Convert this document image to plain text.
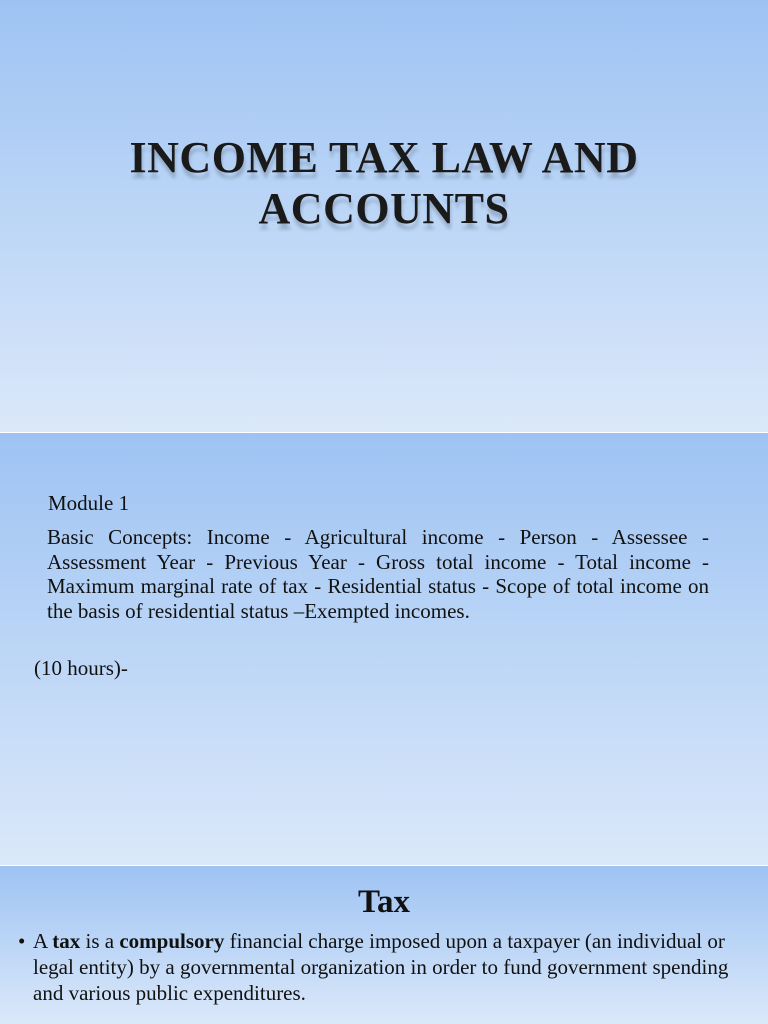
INCOME TAX LAW AND ACCOUNTS
Module 1
Basic Concepts: Income - Agricultural income - Person - Assessee - Assessment Year - Previous Year - Gross total income - Total income - Maximum marginal rate of tax - Residential status - Scope of total income on the basis of residential status –Exempted incomes.
(10 hours)-
Tax
• A tax is a compulsory financial charge imposed upon a taxpayer (an individual or legal entity) by a governmental organization in order to fund government spending and various public expenditures.
